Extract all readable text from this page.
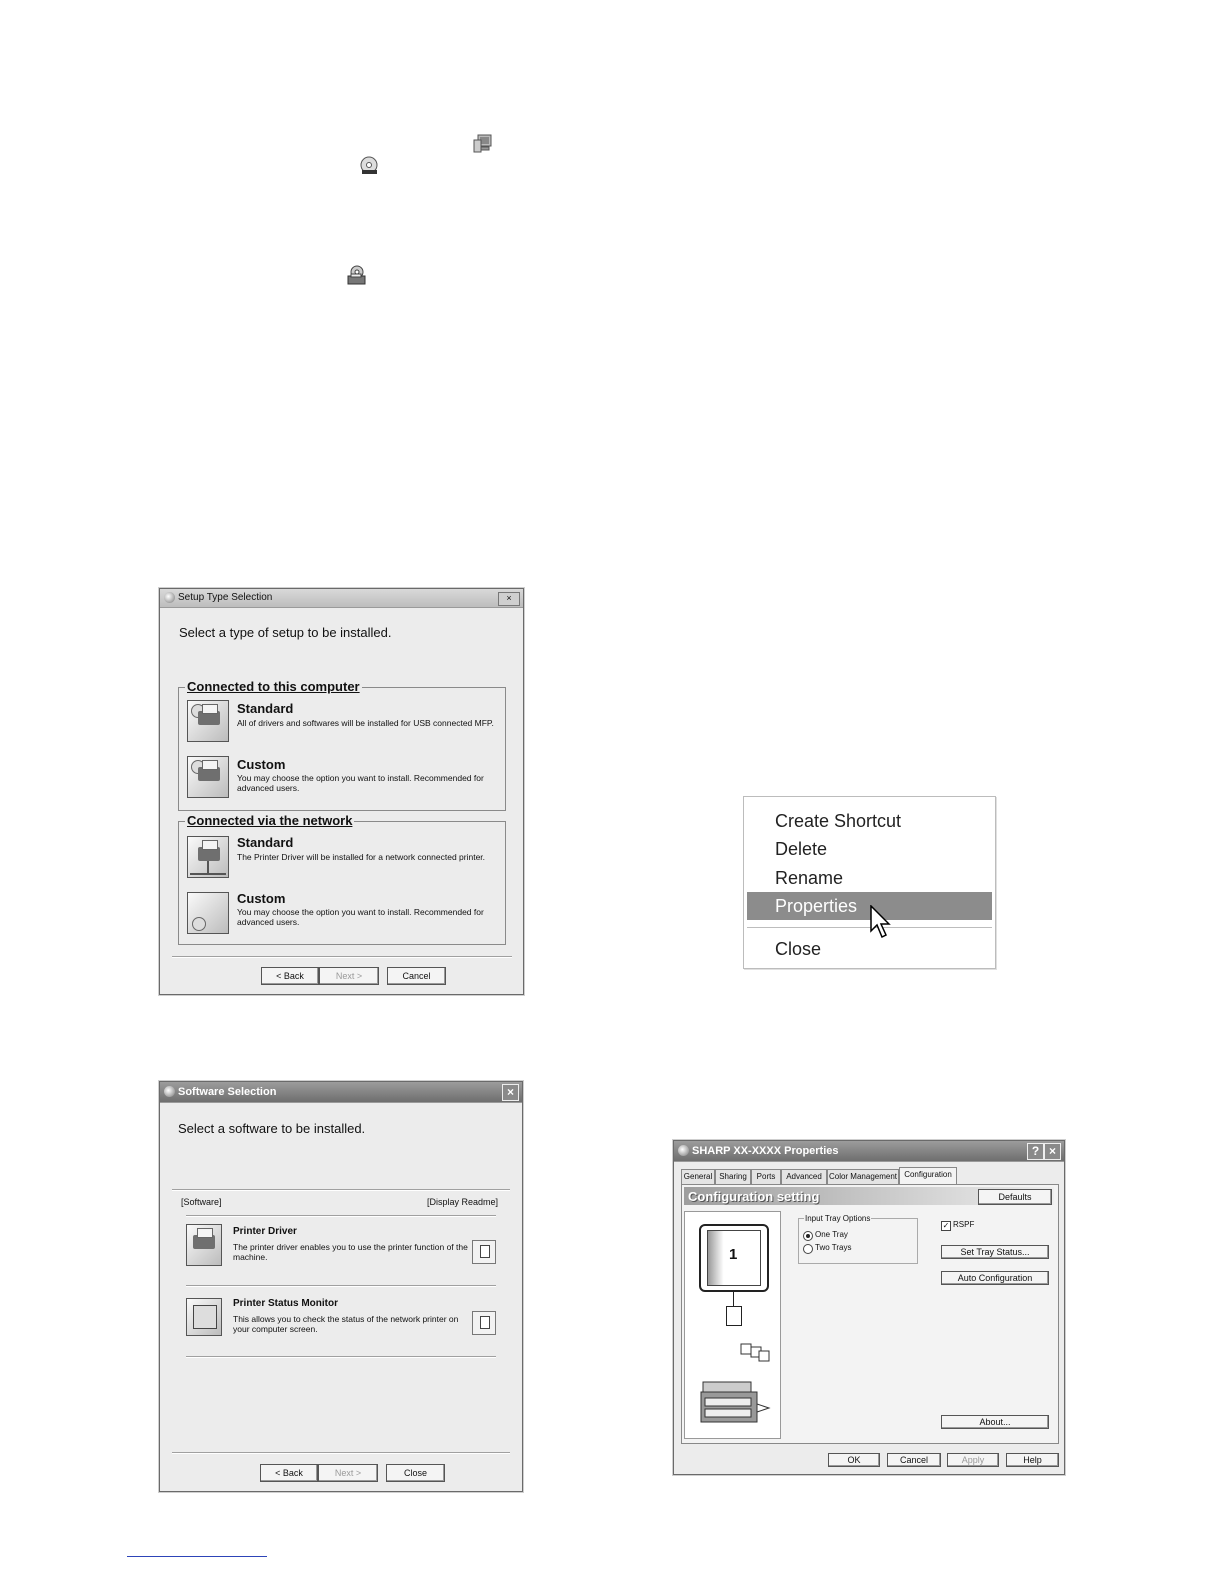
Setup Type Selection	×
Select a type of setup to be installed.
Connected to this computer
Standard
All of drivers and softwares will be installed for USB connected MFP.
Custom
You may choose the option you want to install. Recommended for advanced users.
Connected via the network
Standard
The Printer Driver will be installed for a network connected printer.
Custom
You may choose the option you want to install. Recommended for advanced users.
< Back	Next >	Cancel
Software Selection	×
Select a software to be installed.
[Software]	[Display Readme]
Printer Driver
The printer driver enables you to use the printer function of the machine.
Printer Status Monitor
This allows you to check the status of the network printer on your computer screen.
< Back	Next >	Close
Create Shortcut
Delete
Rename
Properties
Close
SHARP XX-XXXX Properties	? ×
General Sharing	Ports	Advanced Color Management Configuration
Configuration setting	Defaults
1
Input Tray Options
One Tray
Two Trays
✓ RSPF
Set Tray Status...
Auto Configuration
About...
OK	Cancel	Apply	Help
